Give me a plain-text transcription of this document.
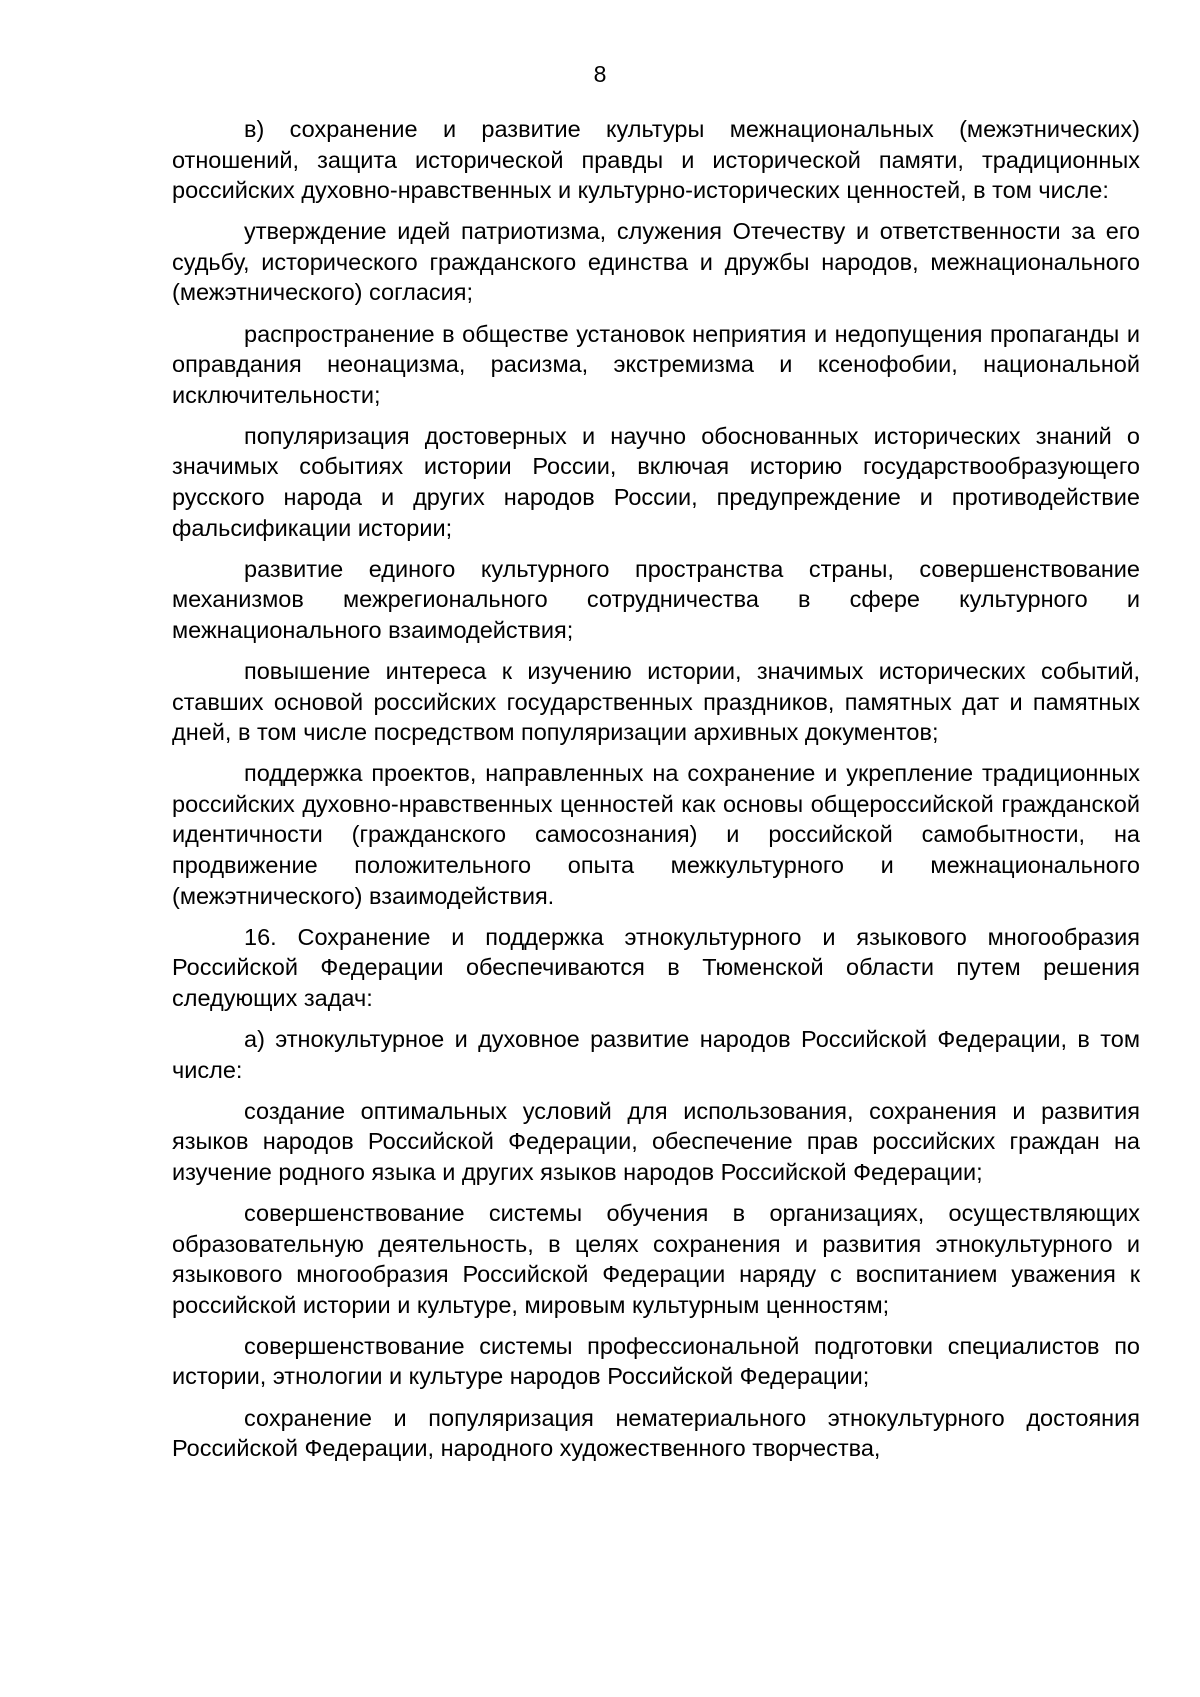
8

в) сохранение и развитие культуры межнациональных (межэтнических) отношений, защита исторической правды и исторической памяти, традиционных российских духовно-нравственных и культурно-исторических ценностей, в том числе:

утверждение идей патриотизма, служения Отечеству и ответственности за его судьбу, исторического гражданского единства и дружбы народов, межнационального (межэтнического) согласия;

распространение в обществе установок неприятия и недопущения пропаганды и оправдания неонацизма, расизма, экстремизма и ксенофобии, национальной исключительности;

популяризация достоверных и научно обоснованных исторических знаний о значимых событиях истории России, включая историю государствообразующего русского народа и других народов России, предупреждение и противодействие фальсификации истории;

развитие единого культурного пространства страны, совершенствование механизмов межрегионального сотрудничества в сфере культурного и межнационального взаимодействия;

повышение интереса к изучению истории, значимых исторических событий, ставших основой российских государственных праздников, памятных дат и памятных дней, в том числе посредством популяризации архивных документов;

поддержка проектов, направленных на сохранение и укрепление традиционных российских духовно-нравственных ценностей как основы общероссийской гражданской идентичности (гражданского самосознания) и российской самобытности, на продвижение положительного опыта межкультурного и межнационального (межэтнического) взаимодействия.

16. Сохранение и поддержка этнокультурного и языкового многообразия Российской Федерации обеспечиваются в Тюменской области путем решения следующих задач:

а) этнокультурное и духовное развитие народов Российской Федерации, в том числе:

создание оптимальных условий для использования, сохранения и развития языков народов Российской Федерации, обеспечение прав российских граждан на изучение родного языка и других языков народов Российской Федерации;

совершенствование системы обучения в организациях, осуществляющих образовательную деятельность, в целях сохранения и развития этнокультурного и языкового многообразия Российской Федерации наряду с воспитанием уважения к российской истории и культуре, мировым культурным ценностям;

совершенствование системы профессиональной подготовки специалистов по истории, этнологии и культуре народов Российской Федерации;

сохранение и популяризация нематериального этнокультурного достояния Российской Федерации, народного художественного творчества,
